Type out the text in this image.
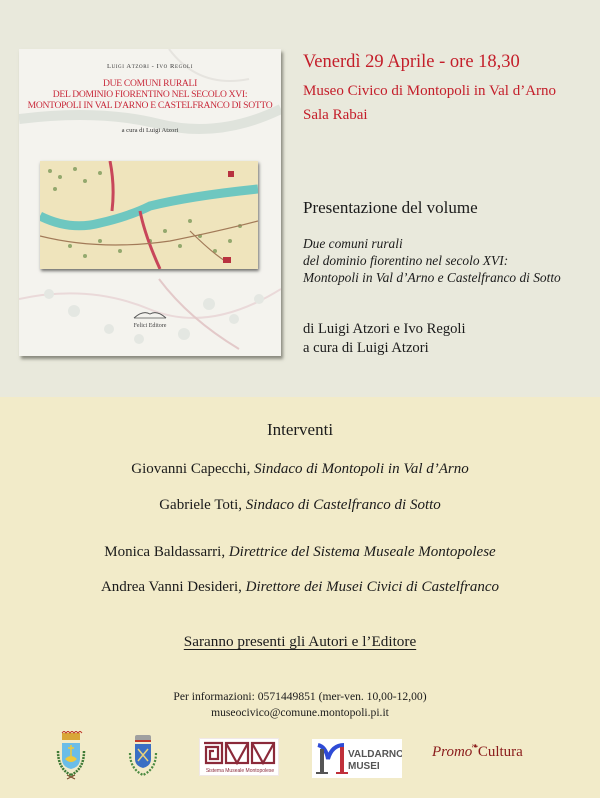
Luigi Atzori - Ivo Regoli
DUE COMUNI RURALI
DEL DOMINIO FIORENTINO NEL SECOLO XVI:
MONTOPOLI IN VAL D'ARNO E CASTELFRANCO DI SOTTO
a cura di Luigi Atzori
Felici Editore
Venerdì 29 Aprile - ore 18,30
Museo Civico di Montopoli in Val d’Arno
Sala Rabai
Presentazione del volume
Due comuni rurali
del dominio fiorentino nel secolo XVI:
Montopoli in Val d’Arno e Castelfranco di Sotto
di Luigi Atzori e Ivo Regoli
a cura di Luigi Atzori
Interventi
Giovanni Capecchi, Sindaco di Montopoli in Val d’Arno
Gabriele Toti, Sindaco di Castelfranco di Sotto
Monica Baldassarri, Direttrice del Sistema Museale Montopolese
Andrea Vanni Desideri, Direttore dei Musei Civici di Castelfranco
Saranno presenti gli Autori e l’Editore
Per informazioni: 0571449851 (mer-ven. 10,00-12,00)
museocivico@comune.montopoli.pi.it
Sistema Museale Montopolese
VALDARNO
MUSEI
Promo❧Cultura
